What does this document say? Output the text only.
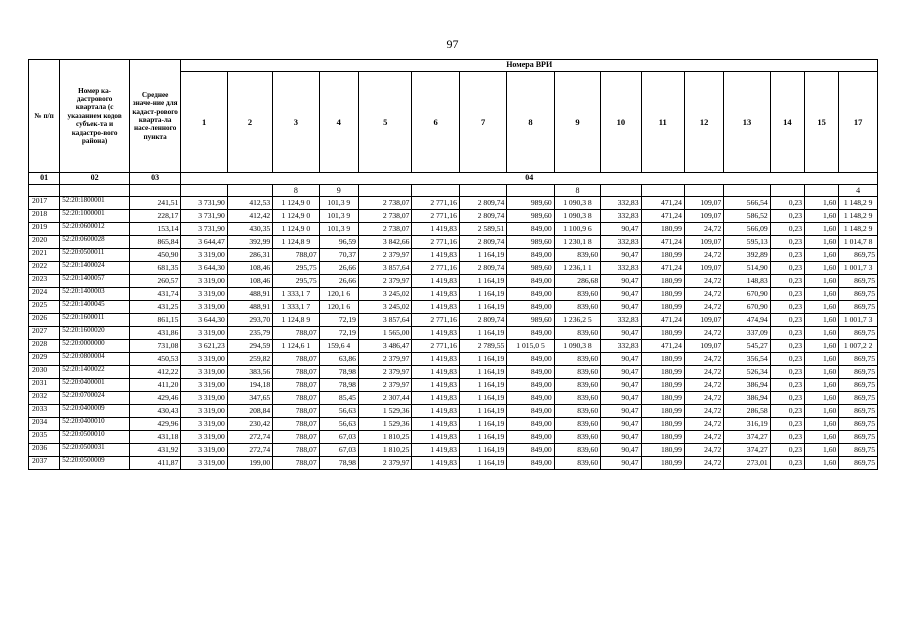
97
№ п/п	Номер ка-дастрового квартала (с указанием кодов субъек-та и кадастро-вого района)	Среднее значе-ние для кадаст-рового кварта-ла насе-ленного пункта	Номера ВРИ															
			1	2	3	4	5	6	7	8	9	10	11	12	13	14	15	17
01	02	03	04															
					8	9					8							4
2017	52:20:1800001	241,51	3 731,90	412,53	1 124,9 0	101,3 9	2 738,07	2 771,16	2 809,74	989,60	1 090,3 8	332,83	471,24	109,07	566,54	0,23	1,60	1 148,2 9
2018	52:20:1000001	228,17	3 731,90	412,42	1 124,9 0	101,3 9	2 738,07	2 771,16	2 809,74	989,60	1 090,3 8	332,83	471,24	109,07	586,52	0,23	1,60	1 148,2 9
2019	52:20:0600012	153,14	3 731,90	430,35	1 124,9 0	101,3 9	2 738,07	1 419,83	2 589,51	849,00	1 100,9 6	90,47	180,99	24,72	566,09	0,23	1,60	1 148,2 9
2020	52:20:0600028	865,84	3 644,47	392,99	1 124,8 9	96,59	3 842,66	2 771,16	2 809,74	989,60	1 230,1 8	332,83	471,24	109,07	595,13	0,23	1,60	1 014,7 8
2021	52:20:0500011	450,90	3 319,00	286,31	788,07	70,37	2 379,97	1 419,83	1 164,19	849,00	839,60	90,47	180,99	24,72	392,89	0,23	1,60	869,75
2022	52:20:1400024	681,35	3 644,30	108,46	295,75	26,66	3 857,64	2 771,16	2 809,74	989,60	1 236,1 1	332,83	471,24	109,07	514,90	0,23	1,60	1 001,7 3
2023	52:20:1400057	260,57	3 319,00	108,46	295,75	26,66	2 379,97	1 419,83	1 164,19	849,00	286,68	90,47	180,99	24,72	148,83	0,23	1,60	869,75
2024	52:20:1400003	431,74	3 319,00	488,91	1 333,1 7	120,1 6	3 245,02	1 419,83	1 164,19	849,00	839,60	90,47	180,99	24,72	670,90	0,23	1,60	869,75
2025	52:20:1400045	431,25	3 319,00	488,91	1 333,1 7	120,1 6	3 245,02	1 419,83	1 164,19	849,00	839,60	90,47	180,99	24,72	670,90	0,23	1,60	869,75
2026	52:20:1600011	861,15	3 644,30	293,70	1 124,8 9	72,19	3 857,64	2 771,16	2 809,74	989,60	1 236,2 5	332,83	471,24	109,07	474,94	0,23	1,60	1 001,7 3
2027	52:20:1600020	431,86	3 319,00	235,79	788,07	72,19	1 565,00	1 419,83	1 164,19	849,00	839,60	90,47	180,99	24,72	337,09	0,23	1,60	869,75
2028	52:20:0000000	731,08	3 621,23	294,59	1 124,6 1	159,6 4	3 486,47	2 771,16	2 789,55	1 015,0 5	1 090,3 8	332,83	471,24	109,07	545,27	0,23	1,60	1 007,2 2
2029	52:20:0800004	450,53	3 319,00	259,82	788,07	63,86	2 379,97	1 419,83	1 164,19	849,00	839,60	90,47	180,99	24,72	356,54	0,23	1,60	869,75
2030	52:20:1400022	412,22	3 319,00	383,56	788,07	78,98	2 379,97	1 419,83	1 164,19	849,00	839,60	90,47	180,99	24,72	526,34	0,23	1,60	869,75
2031	52:20:0400001	411,20	3 319,00	194,18	788,07	78,98	2 379,97	1 419,83	1 164,19	849,00	839,60	90,47	180,99	24,72	386,94	0,23	1,60	869,75
2032	52:20:0700024	429,46	3 319,00	347,65	788,07	85,45	2 307,44	1 419,83	1 164,19	849,00	839,60	90,47	180,99	24,72	386,94	0,23	1,60	869,75
2033	52:20:0400009	430,43	3 319,00	208,84	788,07	56,63	1 529,36	1 419,83	1 164,19	849,00	839,60	90,47	180,99	24,72	286,58	0,23	1,60	869,75
2034	52:20:0400010	429,96	3 319,00	230,42	788,07	56,63	1 529,36	1 419,83	1 164,19	849,00	839,60	90,47	180,99	24,72	316,19	0,23	1,60	869,75
2035	52:20:0500010	431,18	3 319,00	272,74	788,07	67,03	1 810,25	1 419,83	1 164,19	849,00	839,60	90,47	180,99	24,72	374,27	0,23	1,60	869,75
2036	52:20:0500031	431,92	3 319,00	272,74	788,07	67,03	1 810,25	1 419,83	1 164,19	849,00	839,60	90,47	180,99	24,72	374,27	0,23	1,60	869,75
2037	52:20:0500009	411,87	3 319,00	199,00	788,07	78,98	2 379,97	1 419,83	1 164,19	849,00	839,60	90,47	180,99	24,72	273,01	0,23	1,60	869,75
